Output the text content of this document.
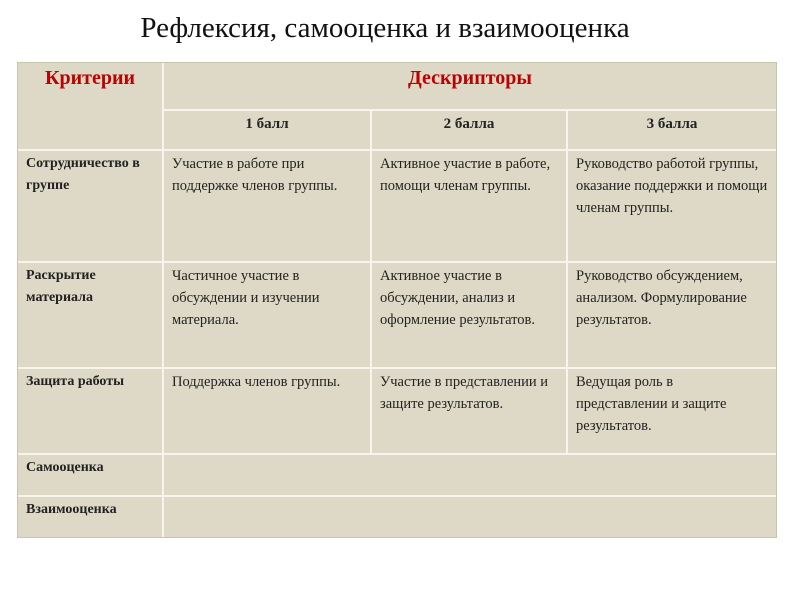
Рефлексия, самооценка и взаимооценка
Критерии	Дескрипторы		

	1 балл	2 балла	3 балла

Сотрудничество в группе	Участие в работе при поддержке членов группы.	Активное участие в работе, помощи членам группы.	Руководство работой группы, оказание поддержки и помощи членам группы.

Раскрытие материала	Частичное участие в обсуждении и изучении материала.	Активное участие в обсуждении, анализ и оформление результатов.	Руководство обсуждением, анализом. Формулирование результатов.

Защита работы	Поддержка членов группы.	Участие в представлении и защите результатов.	Ведущая роль в представлении и защите результатов.

Самооценка			

Взаимооценка			
